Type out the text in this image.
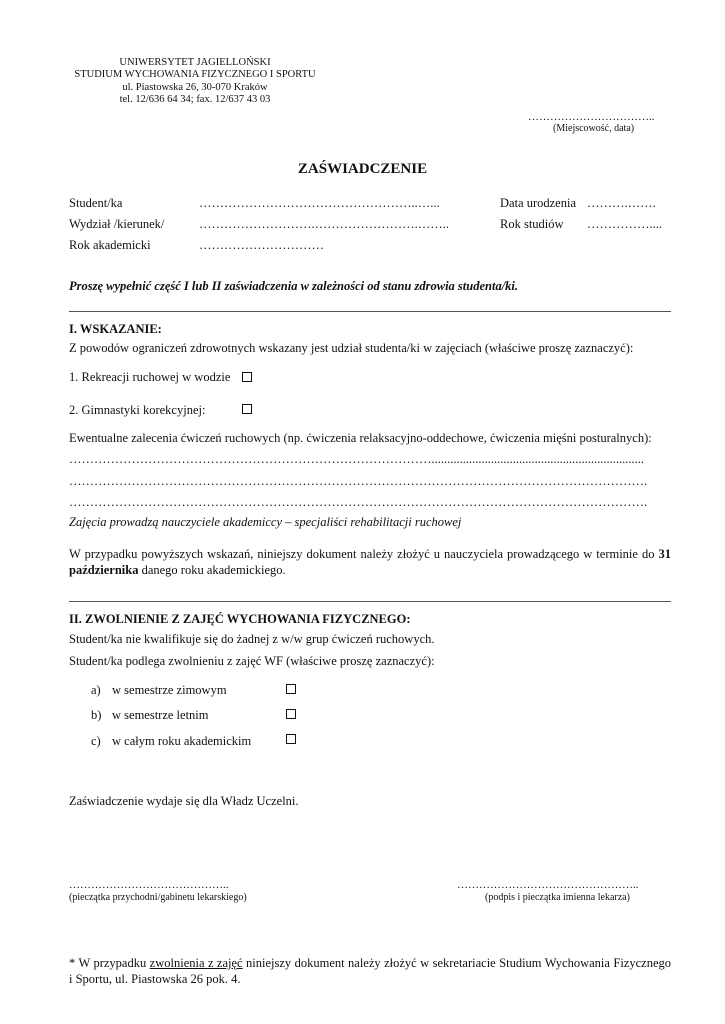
UNIWERSYTET JAGIELLOŃSKI
STUDIUM WYCHOWANIA FIZYCZNEGO I SPORTU
ul. Piastowska 26, 30-070 Kraków
tel. 12/636 64 34; fax. 12/637 43 03
……………………………..
(Miejscowość, data)
ZAŚWIADCZENIE
Student/ka	……………………………………………..…...	Data urodzenia ……….…….
Wydział /kierunek/	……………………….…………………….……..	Rok studiów ……………....
Rok akademicki	…………………………
Proszę wypełnić część I lub II zaświadczenia w zależności od stanu zdrowia studenta/ki.
I. WSKAZANIE:
Z powodów ograniczeń zdrowotnych wskazany jest udział studenta/ki w zajęciach (właściwe proszę zaznaczyć):
1. Rekreacji ruchowej w wodzie
2. Gimnastyki korekcyjnej:
Ewentualne zalecenia ćwiczeń ruchowych (np. ćwiczenia relaksacyjno-oddechowe, ćwiczenia mięśni posturalnych):
……………………………………………………………………………....................................................................
………………………………………………………………………………………………………………………….
………………………………………………………………………………………………………………………….
Zajęcia prowadzą nauczyciele akademiccy – specjaliści rehabilitacji ruchowej
W przypadku powyższych wskazań, niniejszy dokument należy złożyć u nauczyciela prowadzącego w terminie do 31 października danego roku akademickiego.
II. ZWOLNIENIE Z ZAJĘĆ WYCHOWANIA FIZYCZNEGO:
Student/ka nie kwalifikuje się do żadnej z w/w grup ćwiczeń ruchowych.
Student/ka podlega zwolnieniu z zajęć WF (właściwe proszę zaznaczyć):
a) w semestrze zimowym
b) w semestrze letnim
c) w całym roku akademickim
Zaświadczenie wydaje się dla Władz Uczelni.
……………………………………..
(pieczątka przychodni/gabinetu lekarskiego)
…………………………………………..
(podpis i pieczątka imienna lekarza)
* W przypadku zwolnienia z zajęć niniejszy dokument należy złożyć w sekretariacie Studium Wychowania Fizycznego i Sportu, ul. Piastowska 26 pok. 4.
